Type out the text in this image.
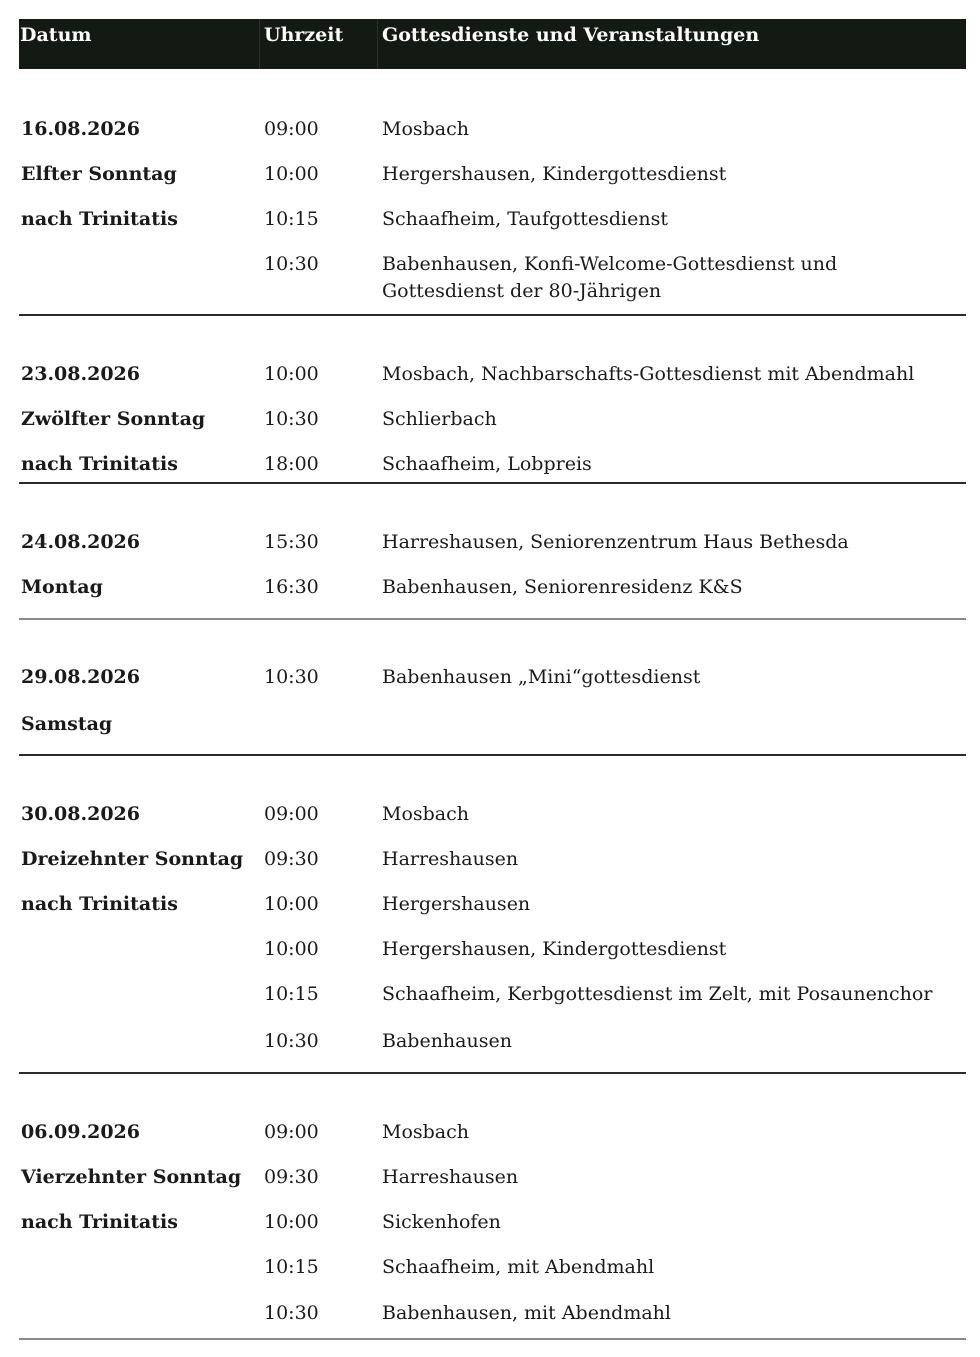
Datum	Uhrzeit Gottesdienste und Veranstaltungen
16.08.2026
Elfter Sonntag
nach Trinitatis
09:00	Mosbach
10:00	Hergershausen, Kindergottesdienst
10:15	Schaafheim, Taufgottesdienst
10:30	Babenhausen, Konfi-Welcome-Gottesdienst und Gottesdienst der 80-Jährigen
23.08.2026
Zwölfter Sonntag
nach Trinitatis
10:00	Mosbach, Nachbarschafts-Gottesdienst mit Abendmahl
10:30	Schlierbach
18:00	Schaafheim, Lobpreis
24.08.2026
Montag
15:30	Harreshausen, Seniorenzentrum Haus Bethesda
16:30	Babenhausen, Seniorenresidenz K&S
29.08.2026
Samstag
10:30	Babenhausen „Mini“gottesdienst
30.08.2026
Dreizehnter Sonntag
nach Trinitatis
09:00	Mosbach
09:30	Harreshausen
10:00	Hergershausen
10:00	Hergershausen, Kindergottesdienst
10:15	Schaafheim, Kerbgottesdienst im Zelt, mit Posaunenchor
10:30	Babenhausen
06.09.2026
Vierzehnter Sonntag
nach Trinitatis
09:00	Mosbach
09:30	Harreshausen
10:00	Sickenhofen
10:15	Schaafheim, mit Abendmahl
10:30	Babenhausen, mit Abendmahl
